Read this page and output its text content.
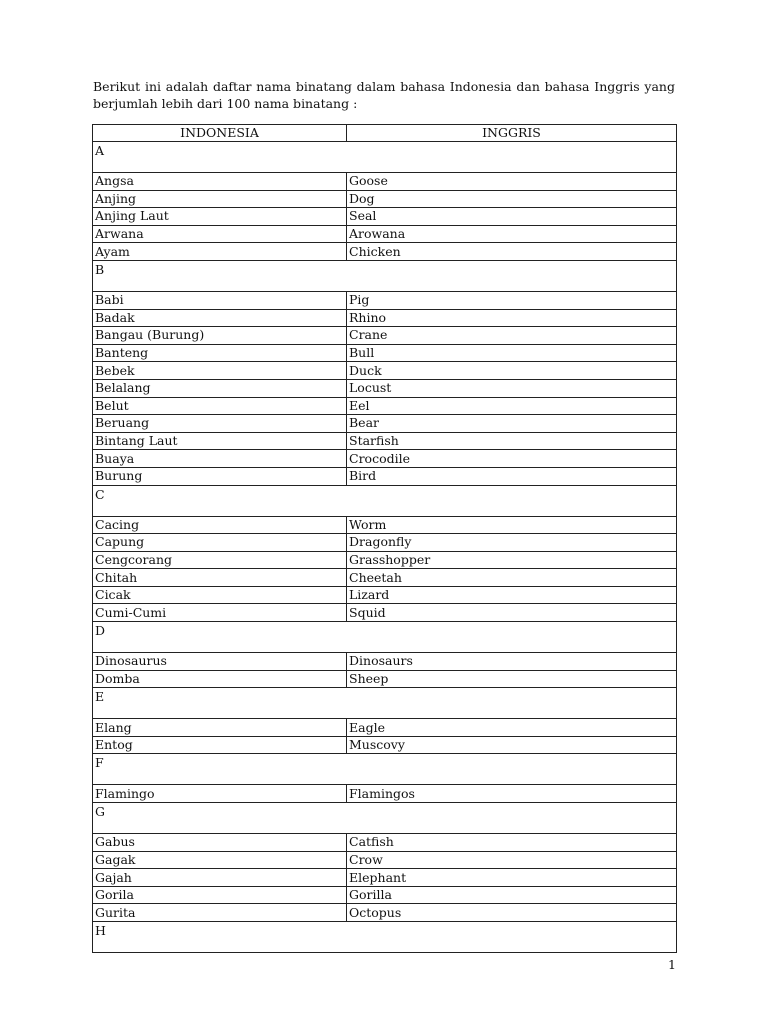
Berikut ini adalah daftar nama binatang dalam bahasa Indonesia dan bahasa Inggris yang berjumlah lebih dari 100 nama binatang :

INDONESIA	INGGRIS
A	
Angsa	Goose
Anjing	Dog
Anjing Laut	Seal
Arwana	Arowana
Ayam	Chicken
B	
Babi	Pig
Badak	Rhino
Bangau (Burung)	Crane
Banteng	Bull
Bebek	Duck
Belalang	Locust
Belut	Eel
Beruang	Bear
Bintang Laut	Starfish
Buaya	Crocodile
Burung	Bird
C	
Cacing	Worm
Capung	Dragonfly
Cengcorang	Grasshopper
Chitah	Cheetah
Cicak	Lizard
Cumi-Cumi	Squid
D	
Dinosaurus	Dinosaurs
Domba	Sheep
E	
Elang	Eagle
Entog	Muscovy
F	
Flamingo	Flamingos
G	
Gabus	Catfish
Gagak	Crow
Gajah	Elephant
Gorila	Gorilla
Gurita	Octopus
H	
1
